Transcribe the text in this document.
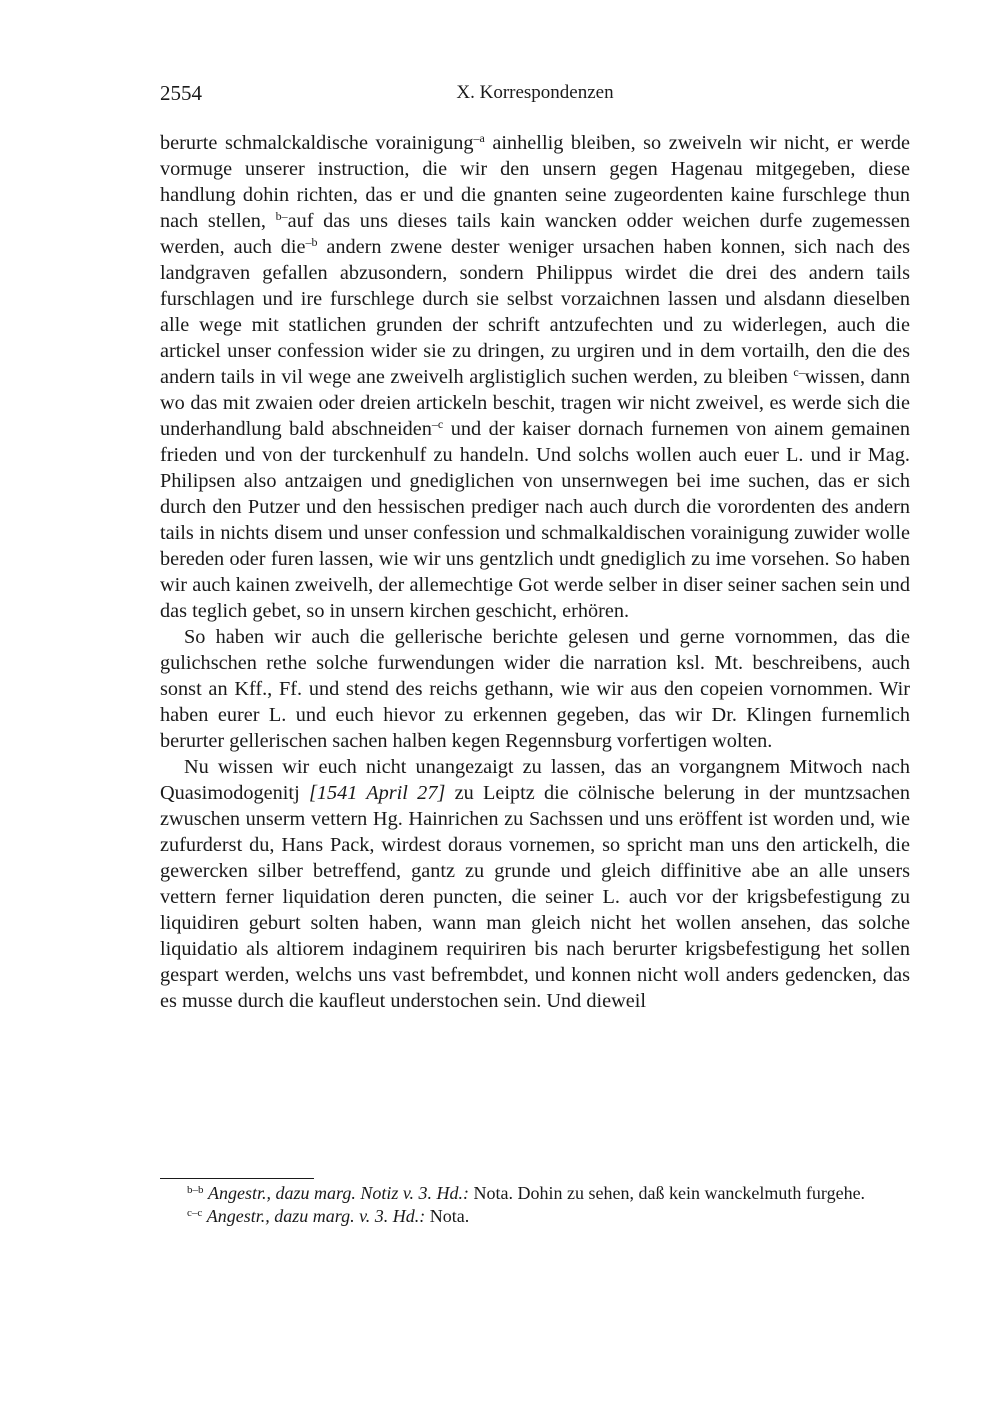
2554	X. Korrespondenzen

berurte schmalckaldische vorainigung$^{-a}$ ainhellig bleiben, so zweiveln wir nicht, er werde vormuge unserer instruction, die wir den unsern gegen Hagenau mitgegeben, diese handlung dohin richten, das er und die gnanten seine zugeordenten kaine furschlege thun nach stellen, $^{b-}$auf das uns dieses tails kain wancken odder weichen durfe zugemessen werden, auch die$^{-b}$ andern zwene dester weniger ursachen haben konnen, sich nach des landgraven gefallen abzusondern, sondern Philippus wirdet die drei des andern tails furschlagen und ire furschlege durch sie selbst vorzaichnen lassen und alsdann dieselben alle wege mit statlichen grunden der schrift antzufechten und zu widerlegen, auch die artickel unser confession wider sie zu dringen, zu urgiren und in dem vortailh, den die des andern tails in vil wege ane zweivelh arglistiglich suchen werden, zu bleiben $^{c-}$wissen, dann wo das mit zwaien oder dreien artickeln beschit, tragen wir nicht zweivel, es werde sich die underhandlung bald abschneiden$^{-c}$ und der kaiser dornach furnemen von ainem gemainen frieden und von der turckenhulf zu handeln. Und solchs wollen auch euer L. und ir Mag. Philipsen also antzaigen und gnediglichen von unsernwegen bei ime suchen, das er sich durch den Putzer und den hessischen prediger nach auch durch die vorordenten des andern tails in nichts disem und unser confession und schmalkaldischen vorainigung zuwider wolle bereden oder furen lassen, wie wir uns gentzlich undt gnediglich zu ime vorsehen. So haben wir auch kainen zweivelh, der allemechtige Got werde selber in diser seiner sachen sein und das teglich gebet, so in unsern kirchen geschicht, erhören.

So haben wir auch die gellerische berichte gelesen und gerne vornommen, das die gulichschen rethe solche furwendungen wider die narration ksl. Mt. beschreibens, auch sonst an Kff., Ff. und stend des reichs gethann, wie wir aus den copeien vornommen. Wir haben eurer L. und euch hievor zu erkennen gegeben, das wir Dr. Klingen furnemlich berurter gellerischen sachen halben kegen Regennsburg vorfertigen wolten.

Nu wissen wir euch nicht unangezaigt zu lassen, das an vorgangnem Mitwoch nach Quasimodogenitj [1541 April 27] zu Leiptz die cölnische belerung in der muntzsachen zwuschen unserm vettern Hg. Hainrichen zu Sachssen und uns eröffent ist worden und, wie zufurderst du, Hans Pack, wirdest doraus vornemen, so spricht man uns den artickelh, die gewercken silber betreffend, gantz zu grunde und gleich diffinitive abe an alle unsers vettern ferner liquidation deren puncten, die seiner L. auch vor der krigsbefestigung zu liquidiren geburt solten haben, wann man gleich nicht het wollen ansehen, das solche liquidatio als altiorem indaginem requiriren bis nach berurter krigsbefestigung het sollen gespart werden, welchs uns vast befrembdet, und konnen nicht woll anders gedencken, das es musse durch die kaufleut understochen sein. Und dieweil

$^{b-b}$ Angestr., dazu marg. Notiz v. 3. Hd.: Nota. Dohin zu sehen, daß kein wanckelmuth furgehe.

$^{c-c}$ Angestr., dazu marg. v. 3. Hd.: Nota.
